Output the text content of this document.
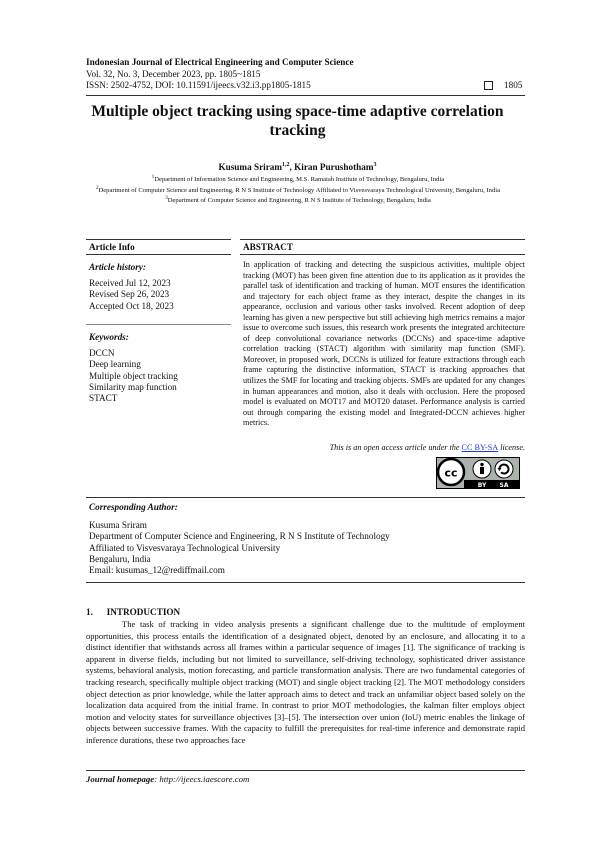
Indonesian Journal of Electrical Engineering and Computer Science
Vol. 32, No. 3, December 2023, pp. 1805~1815
ISSN: 2502-4752, DOI: 10.11591/ijeecs.v32.i3.pp1805-1815	1805
Multiple object tracking using space-time adaptive correlation tracking
Kusuma Sriram$^{1,2}$, Kiran Purushotham$^3$
$^1$Department of Information Science and Engineering, M.S. Ramaiah Institute of Technology, Bengaluru, India
$^2$Department of Computer Science and Engineering, R N S Institute of Technology Affiliated to Visvesvaraya Technological University, Bengaluru, India
$^3$Department of Computer Science and Engineering, R N S Institute of Technology, Bengaluru, India
Article Info	ABSTRACT
Article history:
Received Jul 12, 2023
Revised Sep 26, 2023
Accepted Oct 18, 2023
Keywords:
DCCN
Deep learning
Multiple object tracking
Similarity map function
STACT
In application of tracking and detecting the suspicious activities, multiple object tracking (MOT) has been given fine attention due to its application as it provides the parallel task of identification and tracking of human. MOT ensures the identification and trajectory for each object frame as they interact, despite the changes in its appearance, occlusion and various other tasks involved. Recent adoption of deep learning has given a new perspective but still achieving high metrics remains a major issue to overcome such issues, this research work presents the integrated architecture of deep convolutional covariance networks (DCCNs) and space-time adaptive correlation tracking (STACT) algorithm with similarity map function (SMF). Moreover, in proposed work, DCCNs is utilized for feature extractions through each frame capturing the distinctive information, STACT is tracking approaches that utilizes the SMF for locating and tracking objects. SMFs are updated for any changes in human appearances and motion, also it deals with occlusion. Here the proposed model is evaluated on MOT17 and MOT20 dataset. Performance analysis is carried out through comparing the existing model and Integrated-DCCN achieves higher metrics.
This is an open access article under the CC BY-SA license.
cc
BY SA
Corresponding Author:
Kusuma Sriram
Department of Computer Science and Engineering, R N S Institute of Technology
Affiliated to Visvesvaraya Technological University
Bengaluru, India
Email: kusumas_12@rediffmail.com
1.      INTRODUCTION

The task of tracking in video analysis presents a significant challenge due to the multitude of employment opportunities, this process entails the identification of a designated object, denoted by an enclosure, and allocating it to a distinct identifier that withstands across all frames within a particular sequence of images [1]. The significance of tracking is apparent in diverse fields, including but not limited to surveillance, self-driving technology, sophisticated driver assistance systems, behavioral analysis, motion forecasting, and particle transformation analysis. There are two fundamental categories of tracking research, specifically multiple object tracking (MOT) and single object tracking [2]. The MOT methodology considers object detection as prior knowledge, while the latter approach aims to detect and track an unfamiliar object based solely on the localization data acquired from the initial frame. In contrast to prior MOT methodologies, the kalman filter employs object motion and velocity states for surveillance objectives [3]–[5]. The intersection over union (IoU) metric enables the linkage of objects between successive frames. With the capacity to fulfill the prerequisites for real-time inference and demonstrate rapid inference durations, these two approaches face

Journal homepage: http://ijeecs.iaescore.com
